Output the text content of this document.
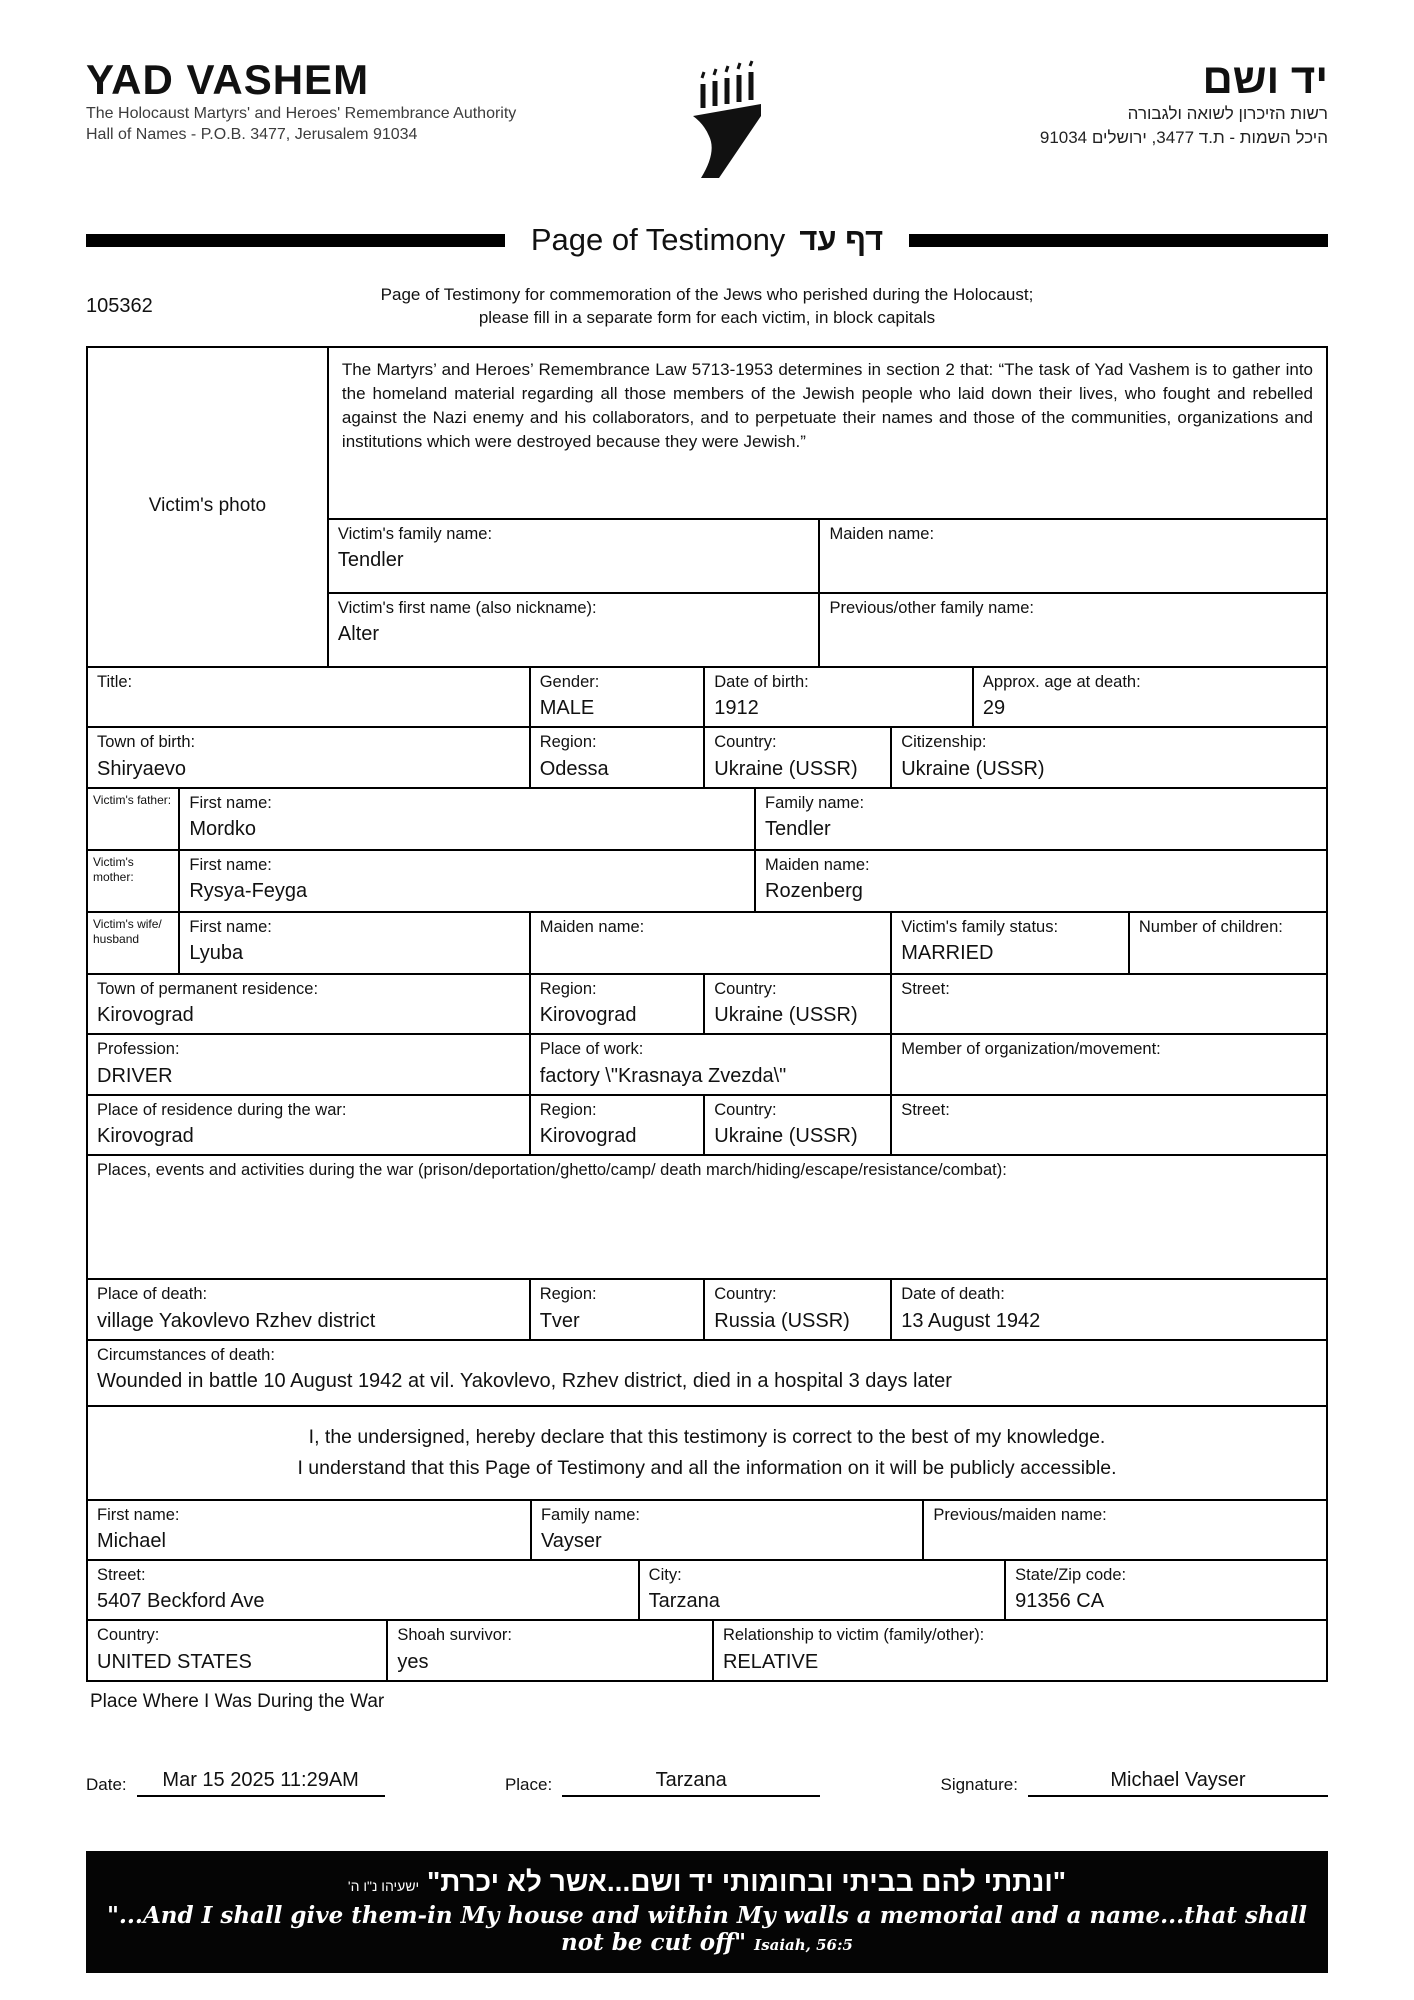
YAD VASHEM
The Holocaust Martyrs' and Heroes' Remembrance Authority
Hall of Names - P.O.B. 3477, Jerusalem 91034
יד ושם
רשות הזיכרון לשואה ולגבורה
היכל השמות - ת.ד 3477, ירושלים 91034
Page of Testimony דף עד
105362
Page of Testimony for commemoration of the Jews who perished during the Holocaust;
please fill in a separate form for each victim, in block capitals
Victim's photo
The Martyrs’ and Heroes’ Remembrance Law 5713-1953 determines in section 2 that: “The task of Yad Vashem is to gather into the homeland material regarding all those members of the Jewish people who laid down their lives, who fought and rebelled against the Nazi enemy and his collaborators, and to perpetuate their names and those of the communities, organizations and institutions which were destroyed because they were Jewish.”
Victim's family name:
Tendler
Maiden name:
Victim's first name (also nickname):
Alter
Previous/other family name:
Title:	Gender:
MALE
Date of birth:
1912
Approx. age at death:
29
Town of birth:
Shiryaevo
Region:
Odessa
Country:
Ukraine (USSR)
Citizenship:
Ukraine (USSR)
Victim's father: First name:
Mordko
Family name:
Tendler
Victim's mother:
First name:
Rysya-Feyga
Maiden name:
Rozenberg
Victim's wife/ husband
First name:
Lyuba
Maiden name:	Victim's family status:
MARRIED
Number of children:
Town of permanent residence:
Kirovograd
Region:
Kirovograd
Country:
Ukraine (USSR)
Street:
Profession:
DRIVER
Place of work:
factory \"Krasnaya Zvezda\"
Member of organization/movement:
Place of residence during the war:
Kirovograd
Region:
Kirovograd
Country:
Ukraine (USSR)
Street:
Places, events and activities during the war (prison/deportation/ghetto/camp/ death march/hiding/escape/resistance/combat):
Place of death:
village Yakovlevo Rzhev district
Region:
Tver
Country:
Russia (USSR)
Date of death:
13 August 1942
Circumstances of death:
Wounded in battle 10 August 1942 at vil. Yakovlevo, Rzhev district, died in a hospital 3 days later
I, the undersigned, hereby declare that this testimony is correct to the best of my knowledge.
I understand that this Page of Testimony and all the information on it will be publicly accessible.
First name:
Michael
Family name:
Vayser
Previous/maiden name:
Street:
5407 Beckford Ave
City:
Tarzana
State/Zip code:
91356 CA
Country:
UNITED STATES
Shoah survivor:
yes
Relationship to victim (family/other):
RELATIVE
Place Where I Was During the War
Date:	Mar 15 2025 11:29AM	Place:	Tarzana	Signature:	Michael Vayser
"ונתתי להם בביתי ובחומותי יד ושם...אשר לא יכרת" ישעיהו נ"ו ה'
"...And I shall give them-in My house and within My walls a memorial and a name...that shall not be cut off" Isaiah, 56:5
